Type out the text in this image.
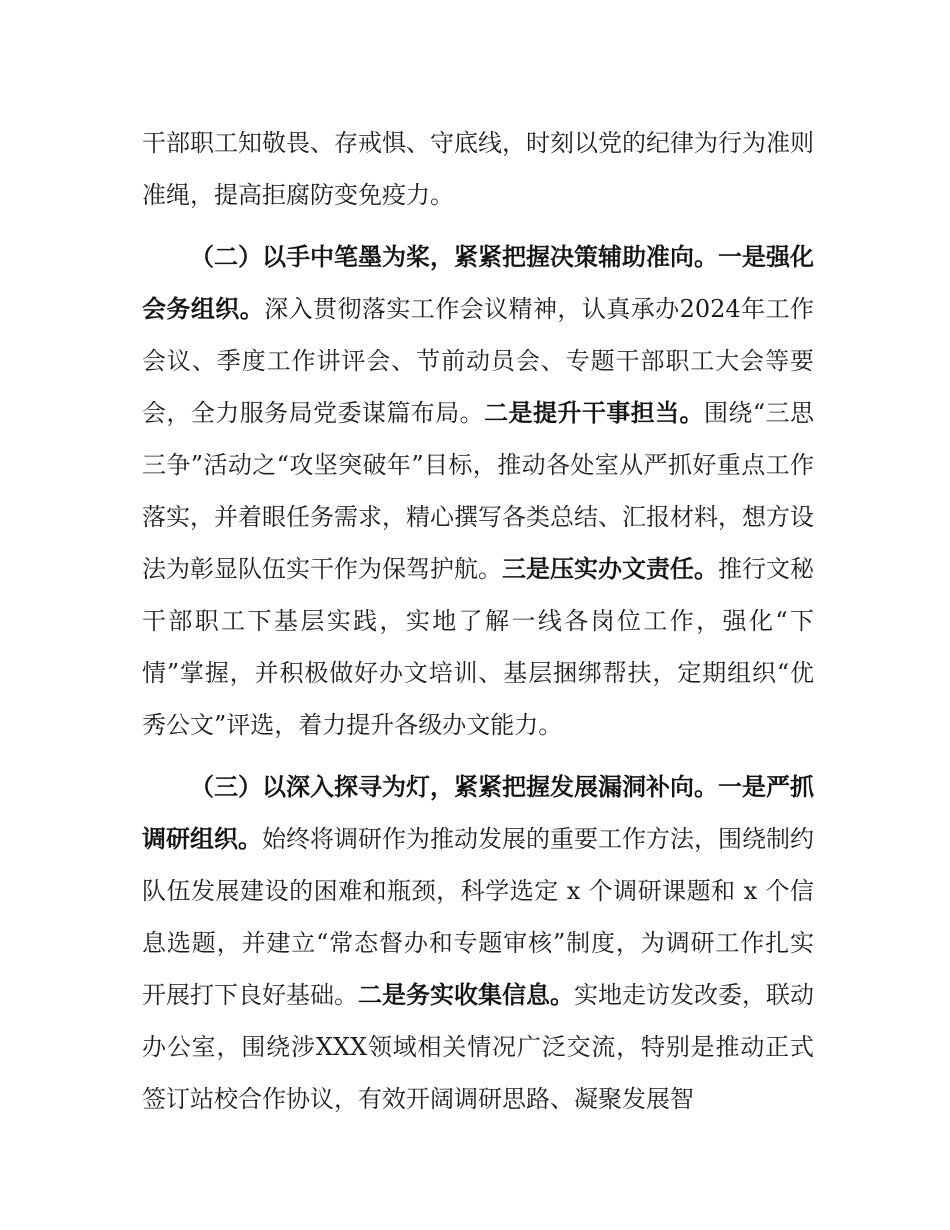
干部职工知敬畏、存戒惧、守底线，时刻以党的纪律为行为准则准绳，提高拒腐防变免疫力。

（二）以手中笔墨为桨，紧紧把握决策辅助准向。一是强化会务组织。深入贯彻落实工作会议精神，认真承办2024年工作会议、季度工作讲评会、节前动员会、专题干部职工大会等要会，全力服务局党委谋篇布局。二是提升干事担当。围绕“三思三争”活动之“攻坚突破年”目标，推动各处室从严抓好重点工作落实，并着眼任务需求，精心撰写各类总结、汇报材料，想方设法为彰显队伍实干作为保驾护航。三是压实办文责任。推行文秘干部职工下基层实践，实地了解一线各岗位工作，强化“下情”掌握，并积极做好办文培训、基层捆绑帮扶，定期组织“优秀公文”评选，着力提升各级办文能力。

（三）以深入探寻为灯，紧紧把握发展漏洞补向。一是严抓调研组织。始终将调研作为推动发展的重要工作方法，围绕制约队伍发展建设的困难和瓶颈，科学选定 x 个调研课题和 x 个信息选题，并建立“常态督办和专题审核”制度，为调研工作扎实开展打下良好基础。二是务实收集信息。实地走访发改委，联动办公室，围绕涉XXX领域相关情况广泛交流，特别是推动正式签订站校合作协议，有效开阔调研思路、凝聚发展智
